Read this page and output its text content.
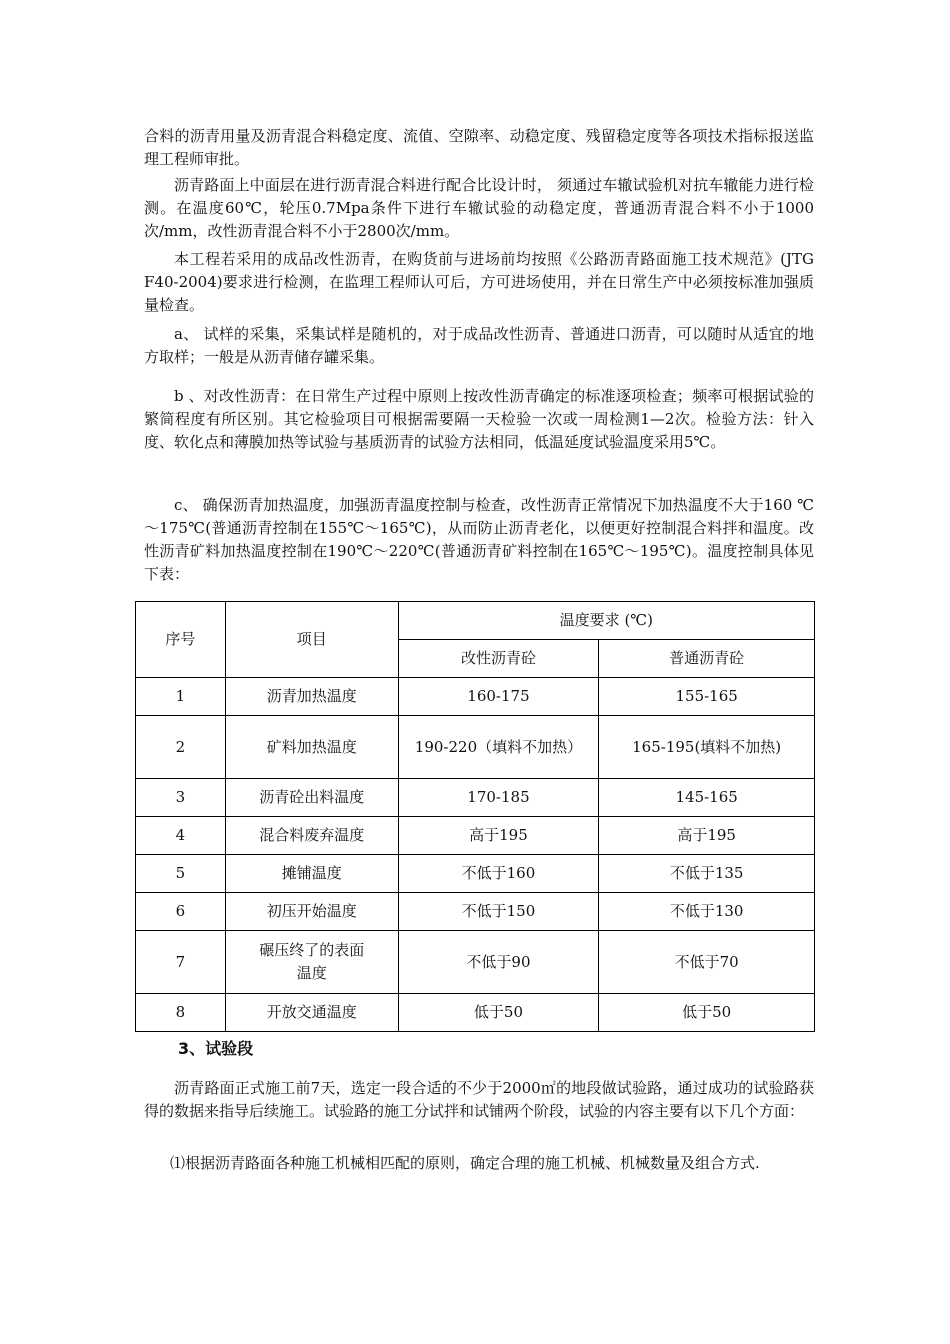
合料的沥青用量及沥青混合料稳定度、流值、空隙率、动稳定度、残留稳定度等各项技术指标报送监理工程师审批。

沥青路面上中面层在进行沥青混合料进行配合比设计时， 须通过车辙试验机对抗车辙能力进行检测。在温度60℃，轮压0.7Mpa条件下进行车辙试验的动稳定度，普通沥青混合料不小于1000次/mm，改性沥青混合料不小于2800次/mm。

本工程若采用的成品改性沥青，在购货前与进场前均按照《公路沥青路面施工技术规范》(JTG F40-2004)要求进行检测，在监理工程师认可后，方可进场使用，并在日常生产中必须按标准加强质量检查。

a、 试样的采集，采集试样是随机的，对于成品改性沥青、普通进口沥青，可以随时从适宜的地方取样；一般是从沥青储存罐采集。

b 、对改性沥青：在日常生产过程中原则上按改性沥青确定的标准逐项检查；频率可根据试验的繁简程度有所区别。其它检验项目可根据需要隔一天检验一次或一周检测1—2次。检验方法：针入度、软化点和薄膜加热等试验与基质沥青的试验方法相同，低温延度试验温度采用5℃。

c、 确保沥青加热温度，加强沥青温度控制与检查，改性沥青正常情况下加热温度不大于160 ℃～175℃(普通沥青控制在155℃～165℃)，从而防止沥青老化，以便更好控制混合料拌和温度。改性沥青矿料加热温度控制在190℃～220℃(普通沥青矿料控制在165℃～195℃)。温度控制具体见下表：

序号	项目	温度要求 (℃)	
		改性沥青砼	普通沥青砼
1	沥青加热温度	160-175	155-165
2	矿料加热温度	190-220（填料不加热）	165-195(填料不加热)
3	沥青砼出料温度	170-185	145-165
4	混合料废弃温度	高于195	高于195
5	摊铺温度	不低于160	不低于135
6	初压开始温度	不低于150	不低于130
7	碾压终了的表面温度	不低于90	不低于70
8	开放交通温度	低于50	低于50
3、试验段

沥青路面正式施工前7天，选定一段合适的不少于2000㎡的地段做试验路，通过成功的试验路获得的数据来指导后续施工。试验路的施工分试拌和试铺两个阶段，试验的内容主要有以下几个方面：

⑴根据沥青路面各种施工机械相匹配的原则，确定合理的施工机械、机械数量及组合方式.
